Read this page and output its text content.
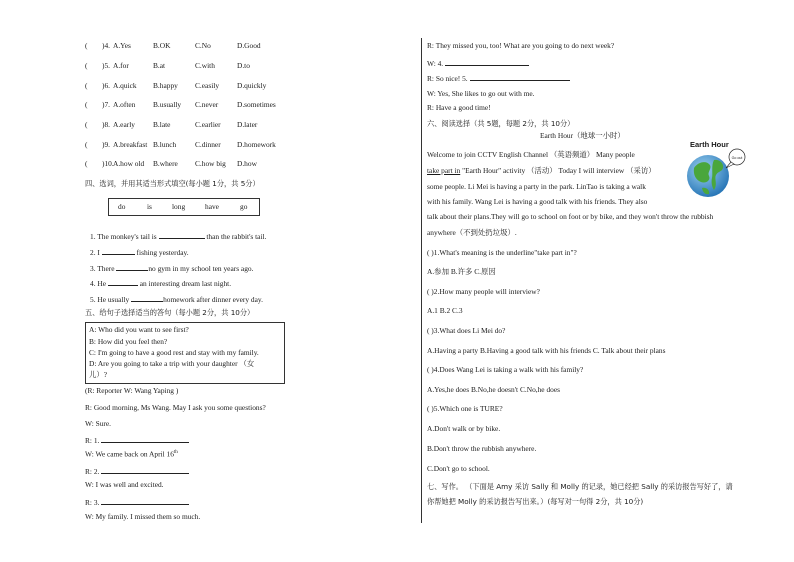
( )4. A.Yes	B.OK	C.No	D.Good
( )5. A.for	B.at	C.with	D.to
( )6. A.quick B.happy C.easily D.quickly
( )7. A.often B.usually C.never	D.sometimes
( )8. A.early B.late	C.earlier D.later
( )9. A.breakfast B.lunch	C.dinner D.homework
( )10. A.how old B.where C.how big D.how
四、选词，并用其适当形式填空(每小题 1分，共 5分）
do	is	long	have	go
1. The monkey's tail is	than the rabbit's tail.
2. I	fishing yesterday.
3. There	no gym in my school ten years ago.
4. He	an interesting dream last night.
5. He usually	homework after dinner every day.
五、给句子选择适当的答句（每小题 2分，共 10分）
A: Who did you want to see first?
B: How did you feel then?
C: I'm going to have a good rest and stay with my family.
D: Are you going to take a trip with your daughter （女
儿）?
(R: Reporter W: Wang Yaping )
R: Good morning, Ms Wang. May I ask you some questions?
W: Sure.
R: 1.
W: We came back on April 16th
R: 2.
W: I was well and excited.
R: 3.
W: My family. I missed them so much.
R: They missed you, too! What are you going to do next week?
W: 4.
R: So nice! 5.
W: Yes, She likes to go out with me.
R: Have a good time!
六、阅读选择（共 5题，每题 2分，共 10分）
Earth Hour（地球一小时）
Welcome to join CCTV English Channel （英语频道） Many people
take part in "Earth Hour" activity （活动） Today I will interview （采访）
some people. Li Mei is having a party in the park. LinTao is taking a walk
with his family. Wang Lei is having a good talk with his friends. They also
talk about their plans.They will go to school on foot or by bike, and they won't throw the rubbish
anywhere（不到处扔垃圾）.
Earth Hour
Go out
( )1.What's meaning is the underline"take part in"?
A.参加 B.许多 C.原因
( )2.How many people will interview?
A.1 B.2 C.3
( )3.What does Li Mei do?
A.Having a party B.Having a good talk with his friends C. Talk about their plans
( )4.Does Wang Lei is taking a walk with his family?
A.Yes,he does B.No,he doesn't C.No,he does
( )5.Which one is TURE?
A.Don't walk or by bike.
B.Don't throw the rubbish anywhere.
C.Don't go to school.
七、写作。 （下面是 Amy 采访 Sally 和 Molly 的记录，她已经把 Sally 的采访报告写好了，请
你帮她把 Molly 的采访报告写出来。）(每写对一句得 2分，共 10分)
